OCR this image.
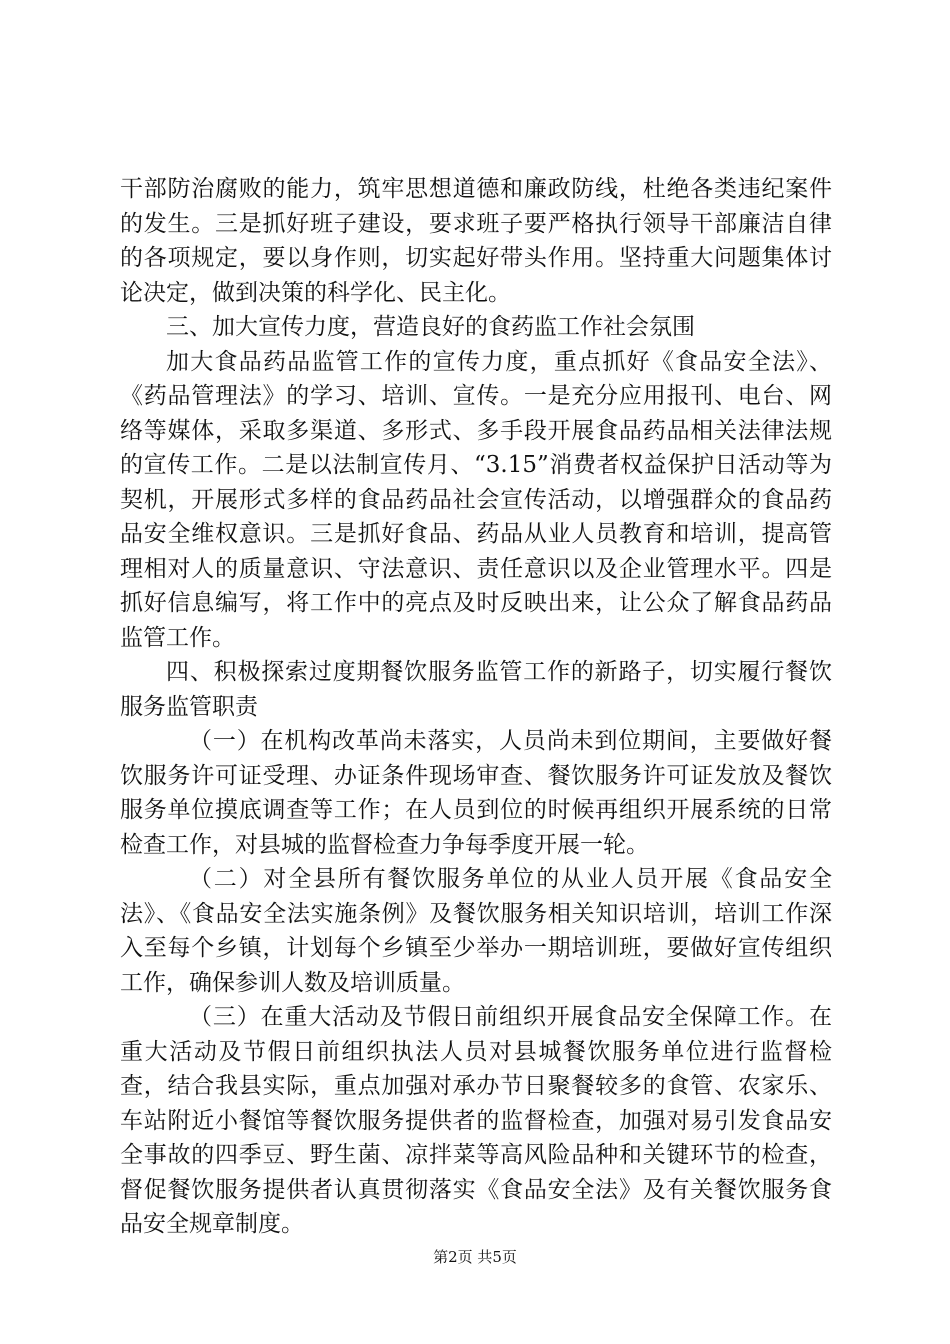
干部防治腐败的能力，筑牢思想道德和廉政防线，杜绝各类违纪案件的发生。三是抓好班子建设，要求班子要严格执行领导干部廉洁自律的各项规定，要以身作则，切实起好带头作用。坚持重大问题集体讨论决定，做到决策的科学化、民主化。

三、加大宣传力度，营造良好的食药监工作社会氛围

加大食品药品监管工作的宣传力度，重点抓好《食品安全法》、《药品管理法》的学习、培训、宣传。一是充分应用报刊、电台、网络等媒体，采取多渠道、多形式、多手段开展食品药品相关法律法规的宣传工作。二是以法制宣传月、“3.15”消费者权益保护日活动等为契机，开展形式多样的食品药品社会宣传活动，以增强群众的食品药品安全维权意识。三是抓好食品、药品从业人员教育和培训，提高管理相对人的质量意识、守法意识、责任意识以及企业管理水平。四是抓好信息编写，将工作中的亮点及时反映出来，让公众了解食品药品监管工作。

四、积极探索过度期餐饮服务监管工作的新路子，切实履行餐饮服务监管职责

（一）在机构改革尚未落实，人员尚未到位期间，主要做好餐饮服务许可证受理、办证条件现场审查、餐饮服务许可证发放及餐饮服务单位摸底调查等工作；在人员到位的时候再组织开展系统的日常检查工作，对县城的监督检查力争每季度开展一轮。

（二）对全县所有餐饮服务单位的从业人员开展《食品安全法》、《食品安全法实施条例》及餐饮服务相关知识培训，培训工作深入至每个乡镇，计划每个乡镇至少举办一期培训班，要做好宣传组织工作，确保参训人数及培训质量。

（三）在重大活动及节假日前组织开展食品安全保障工作。在重大活动及节假日前组织执法人员对县城餐饮服务单位进行监督检查，结合我县实际，重点加强对承办节日聚餐较多的食管、农家乐、车站附近小餐馆等餐饮服务提供者的监督检查，加强对易引发食品安全事故的四季豆、野生菌、凉拌菜等高风险品种和关键环节的检查，督促餐饮服务提供者认真贯彻落实《食品安全法》及有关餐饮服务食品安全规章制度。

第2页 共5页
